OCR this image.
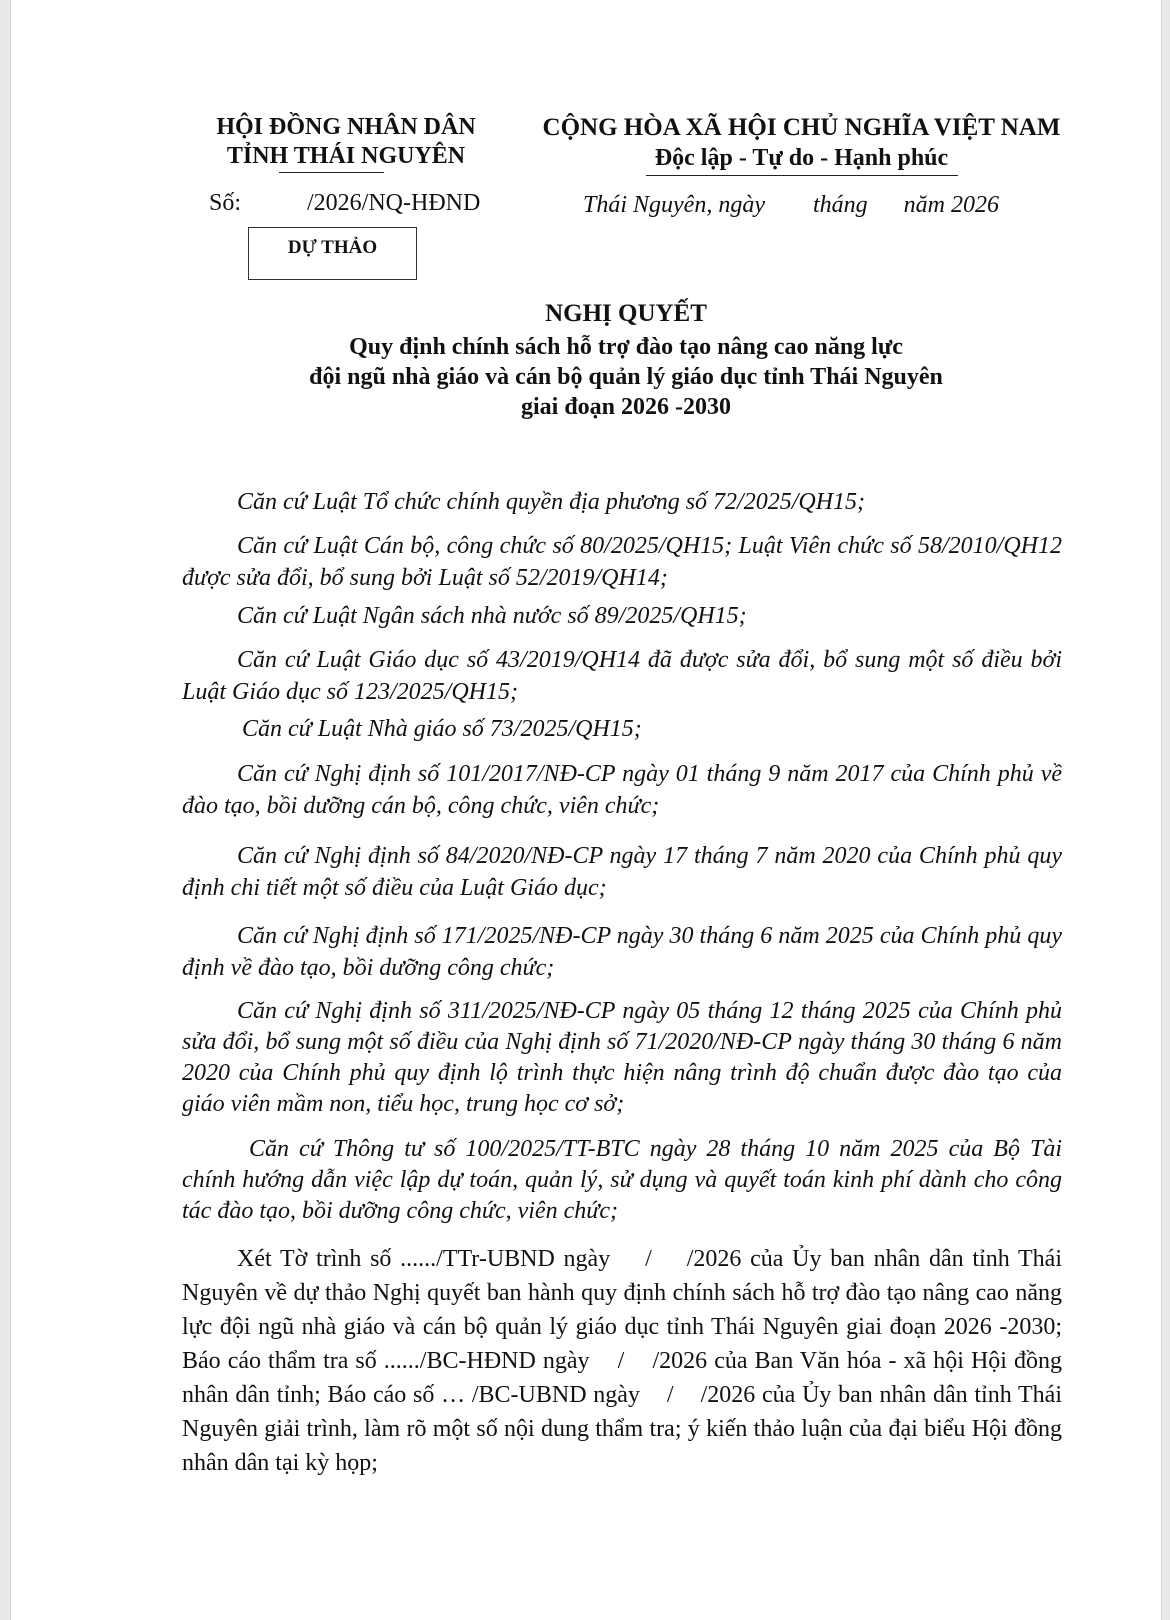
HỘI ĐỒNG NHÂN DÂN
TỈNH THÁI NGUYÊN
CỘNG HÒA XÃ HỘI CHỦ NGHĨA VIỆT NAM
Độc lập - Tự do - Hạnh phúc
Số:	/2026/NQ-HĐND	Thái Nguyên, ngày        tháng      năm 2026
DỰ THẢO
NGHỊ QUYẾT
Quy định chính sách hỗ trợ đào tạo nâng cao năng lực
đội ngũ nhà giáo và cán bộ quản lý giáo dục tỉnh Thái Nguyên
giai đoạn 2026 -2030
Căn cứ Luật Tổ chức chính quyền địa phương số 72/2025/QH15;
Căn cứ Luật Cán bộ, công chức số 80/2025/QH15; Luật Viên chức số 58/2010/QH12 được sửa đổi, bổ sung bởi Luật số 52/2019/QH14;
Căn cứ Luật Ngân sách nhà nước số 89/2025/QH15;
Căn cứ Luật Giáo dục số 43/2019/QH14 đã được sửa đổi, bổ sung một số điều bởi Luật Giáo dục số 123/2025/QH15;
Căn cứ Luật Nhà giáo số 73/2025/QH15;
Căn cứ Nghị định số 101/2017/NĐ-CP ngày 01 tháng 9 năm 2017 của Chính phủ về đào tạo, bồi dưỡng cán bộ, công chức, viên chức;
Căn cứ Nghị định số 84/2020/NĐ-CP ngày 17 tháng 7 năm 2020 của Chính phủ quy định chi tiết một số điều của Luật Giáo dục;
Căn cứ Nghị định số 171/2025/NĐ-CP ngày 30 tháng 6 năm 2025 của Chính phủ quy định về đào tạo, bồi dưỡng công chức;
Căn cứ Nghị định số 311/2025/NĐ-CP ngày 05 tháng 12 tháng 2025 của Chính phủ sửa đổi, bổ sung một số điều của Nghị định số 71/2020/NĐ-CP ngày tháng 30 tháng 6 năm 2020 của Chính phủ quy định lộ trình thực hiện nâng trình độ chuẩn được đào tạo của giáo viên mầm non, tiểu học, trung học cơ sở;
Căn cứ Thông tư số 100/2025/TT-BTC ngày 28 tháng 10 năm 2025 của Bộ Tài chính hướng dẫn việc lập dự toán, quản lý, sử dụng và quyết toán kinh phí dành cho công tác đào tạo, bồi dưỡng công chức, viên chức;
Xét Tờ trình số ....../TTr-UBND ngày    /    /2026 của Ủy ban nhân dân tỉnh Thái Nguyên về dự thảo Nghị quyết ban hành quy định chính sách hỗ trợ đào tạo nâng cao năng lực đội ngũ nhà giáo và cán bộ quản lý giáo dục tỉnh Thái Nguyên giai đoạn 2026 -2030; Báo cáo thẩm tra số ....../BC-HĐND ngày    /    /2026 của Ban Văn hóa - xã hội Hội đồng nhân dân tỉnh; Báo cáo số … /BC-UBND ngày    /    /2026 của Ủy ban nhân dân tỉnh Thái Nguyên giải trình, làm rõ một số nội dung thẩm tra; ý kiến thảo luận của đại biểu Hội đồng nhân dân tại kỳ họp;
